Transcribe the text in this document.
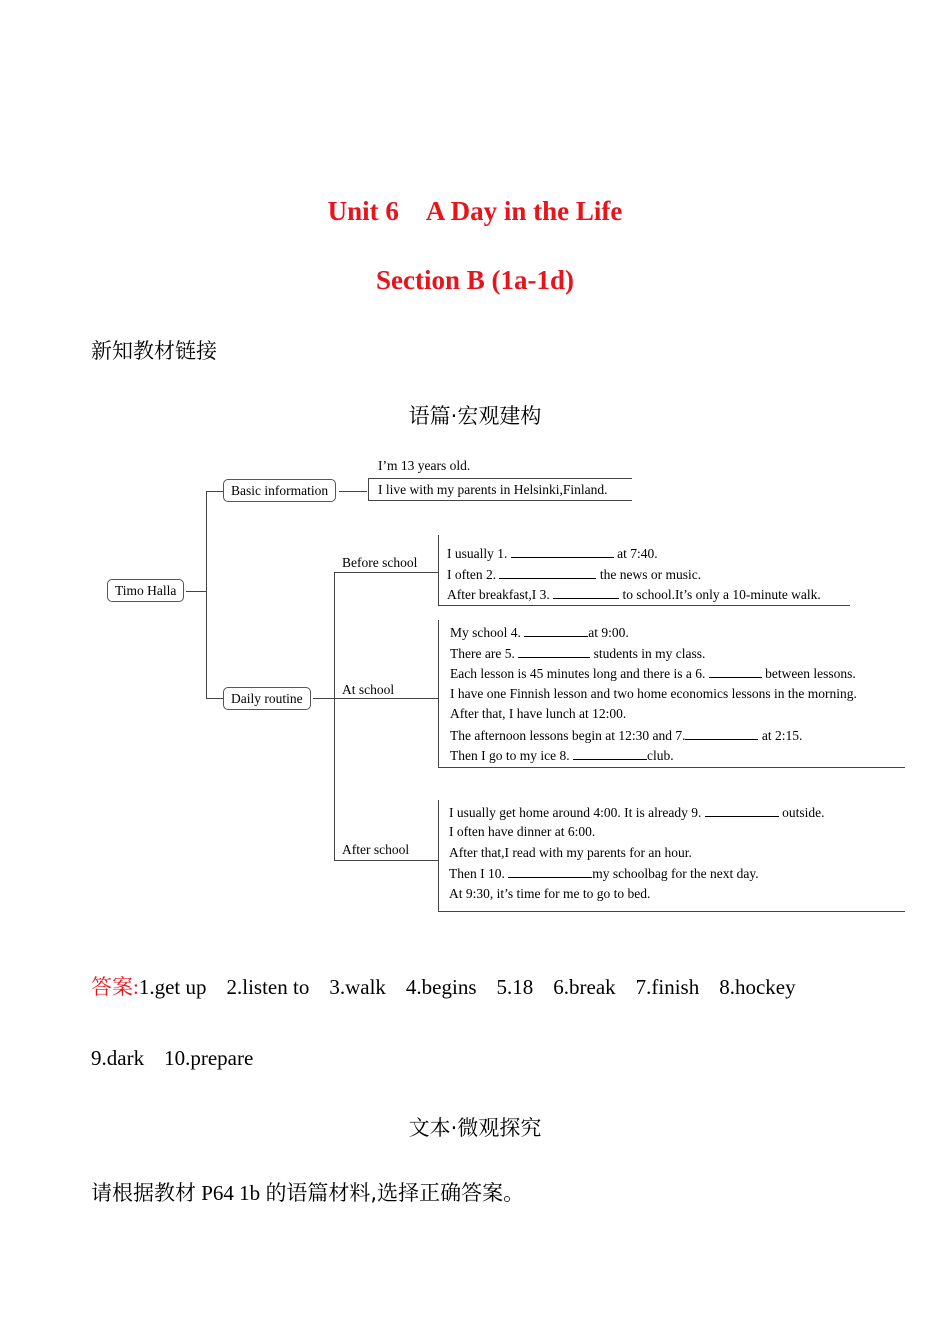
Unit 6    A Day in the Life
Section B (1a-1d)
新知教材链接
语篇·宏观建构
Timo Halla
Basic information
Daily routine
I’m 13 years old.
I live with my parents in Helsinki,Finland.
Before school
At school
After school
I usually 1.	at 7:40.
I often 2.	the news or music.
After breakfast,I 3.	to school.It’s only a 10-minute walk.
My school 4.	at 9:00.
There are 5.	students in my class.
Each lesson is 45 minutes long and there is a 6.	between lessons.
I have one Finnish lesson and two home economics lessons in the morning.
After that, I have lunch at 12:00.
The afternoon lessons begin at 12:30 and 7.	at 2:15.
Then I go to my ice 8.	club.
I usually get home around 4:00. It is already 9.	outside.
I often have dinner at 6:00.
After that,I read with my parents for an hour.
Then I 10.	my schoolbag for the next day.
At 9:30, it’s time for me to go to bed.
答案:1.get up 2.listen to 3.walk 4.begins 5.18 6.break 7.finish 8.hockey
9.dark 10.prepare
文本·微观探究
请根据教材 P64 1b 的语篇材料,选择正确答案。
